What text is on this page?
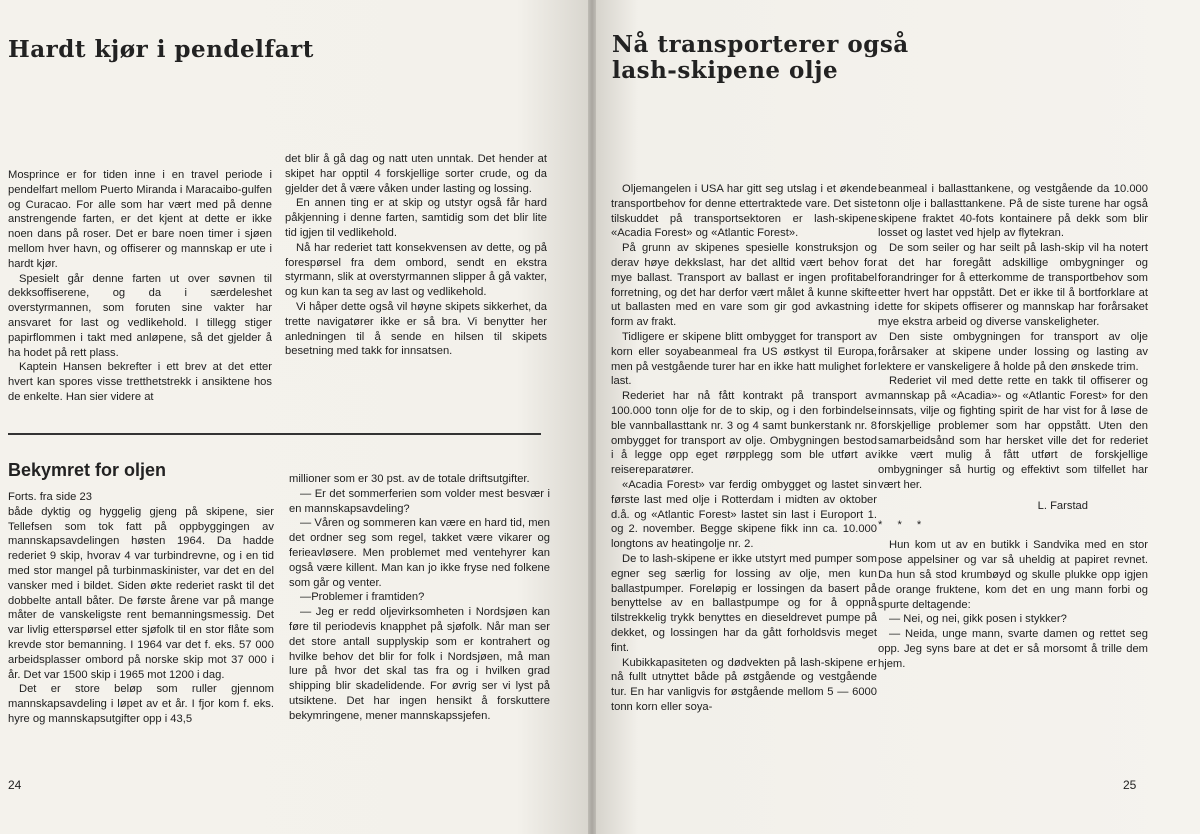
Hardt kjør i pendelfart

Mosprince er for tiden inne i en travel periode i pendelfart mellom Puerto Miranda i Maracaibo-gulfen og Curacao. For alle som har vært med på denne anstrengende farten, er det kjent at dette er ikke noen dans på roser. Det er bare noen timer i sjøen mellom hver havn, og offiserer og mannskap er ute i hardt kjør.

Spesielt går denne farten ut over søvnen til dekksoffiserene, og da i særdeleshet overstyrmannen, som foruten sine vakter har ansvaret for last og vedlikehold. I tillegg stiger papirflommen i takt med anløpene, så det gjelder å ha hodet på rett plass.

Kaptein Hansen bekrefter i ett brev at det etter hvert kan spores visse tretthetstrekk i ansiktene hos de enkelte. Han sier videre at

det blir å gå dag og natt uten unntak. Det hender at skipet har opptil 4 forskjellige sorter crude, og da gjelder det å være våken under lasting og lossing.

En annen ting er at skip og utstyr også får hard påkjenning i denne farten, samtidig som det blir lite tid igjen til vedlikehold.

Nå har rederiet tatt konsekvensen av dette, og på forespørsel fra dem ombord, sendt en ekstra styrmann, slik at overstyrmannen slipper å gå vakter, og kun kan ta seg av last og vedlikehold.

Vi håper dette også vil høyne skipets sikkerhet, da trette navigatører ikke er så bra. Vi benytter her anledningen til å sende en hilsen til skipets besetning med takk for innsatsen.

Bekymret for oljen

Forts. fra side 23

både dyktig og hyggelig gjeng på skipene, sier Tellefsen som tok fatt på oppbyggingen av mannskapsavdelingen høsten 1964. Da hadde rederiet 9 skip, hvorav 4 var turbindrevne, og i en tid med stor mangel på turbinmaskinister, var det en del vansker med i bildet. Siden økte rederiet raskt til det dobbelte antall båter. De første årene var på mange måter de vanskeligste rent bemanningsmessig. Det var livlig etterspørsel etter sjøfolk til en stor flåte som krevde stor bemanning. I 1964 var det f. eks. 57 000 arbeidsplasser ombord på norske skip mot 37 000 i år. Det var 1500 skip i 1965 mot 1200 i dag.

Det er store beløp som ruller gjennom mannskapsavdeling i løpet av et år. I fjor kom f. eks. hyre og mannskapsutgifter opp i 43,5

millioner som er 30 pst. av de totale driftsutgifter.

— Er det sommerferien som volder mest besvær i en mannskapsavdeling?

— Våren og sommeren kan være en hard tid, men det ordner seg som regel, takket være vikarer og ferieavløsere. Men problemet med ventehyrer kan også være killent. Man kan jo ikke fryse ned folkene som går og venter.

—Problemer i framtiden?

— Jeg er redd oljevirksomheten i Nordsjøen kan føre til periodevis knapphet på sjøfolk. Når man ser det store antall supplyskip som er kontrahert og hvilke behov det blir for folk i Nordsjøen, må man lure på hvor det skal tas fra og i hvilken grad shipping blir skadelidende. For øvrig ser vi lyst på utsiktene. Det har ingen hensikt å forskuttere bekymringene, mener mannskapssjefen.

24
Nå transporterer også lash-skipene olje

Oljemangelen i USA har gitt seg utslag i et økende transportbehov for denne ettertraktede vare. Det siste tilskuddet på transportsektoren er lash-skipene «Acadia Forest» og «Atlantic Forest».

På grunn av skipenes spesielle konstruksjon og derav høye dekkslast, har det alltid vært behov for mye ballast. Transport av ballast er ingen profitabel forretning, og det har derfor vært målet å kunne skifte ut ballasten med en vare som gir god avkastning i form av frakt.

Tidligere er skipene blitt ombygget for transport av korn eller soyabeanmeal fra US østkyst til Europa, men på vestgående turer har en ikke hatt mulighet for last.

Rederiet har nå fått kontrakt på transport av 100.000 tonn olje for de to skip, og i den forbindelse ble vannballasttank nr. 3 og 4 samt bunkerstank nr. 8 ombygget for transport av olje. Ombygningen bestod i å legge opp eget rørpplegg som ble utført av reisereparatører.

«Acadia Forest» var ferdig ombygget og lastet sin første last med olje i Rotterdam i midten av oktober d.å. og «Atlantic Forest» lastet sin last i Europort 1. og 2. november. Begge skipene fikk inn ca. 10.000 longtons av heatingolje nr. 2.

De to lash-skipene er ikke utstyrt med pumper som egner seg særlig for lossing av olje, men kun ballastpumper. Foreløpig er lossingen da basert på benyttelse av en ballastpumpe og for å oppnå tilstrekkelig trykk benyttes en dieseldrevet pumpe på dekket, og lossingen har da gått forholdsvis meget fint.

Kubikkapasiteten og dødvekten på lash-skipene er nå fullt utnyttet både på østgående og vestgående tur. En har vanligvis for østgående mellom 5 — 6000 tonn korn eller soya-

beanmeal i ballasttankene, og vestgående da 10.000 tonn olje i ballasttankene. På de siste turene har også skipene fraktet 40-fots kontainere på dekk som blir losset og lastet ved hjelp av flytekran.

De som seiler og har seilt på lash-skip vil ha notert at det har foregått adskillige ombygninger og forandringer for å etterkomme de transportbehov som etter hvert har oppstått. Det er ikke til å bortforklare at dette for skipets offiserer og mannskap har forårsaket mye ekstra arbeid og diverse vanskeligheter.

Den siste ombygningen for transport av olje forårsaker at skipene under lossing og lasting av lektere er vanskeligere å holde på den ønskede trim.

Rederiet vil med dette rette en takk til offiserer og mannskap på «Acadia»- og «Atlantic Forest» for den innsats, vilje og fighting spirit de har vist for å løse de forskjellige problemer som har oppstått. Uten den samarbeidsånd som har hersket ville det for rederiet ikke vært mulig å fått utført de forskjellige ombygninger så hurtig og effektivt som tilfellet har vært her.

L. Farstad

* * *

Hun kom ut av en butikk i Sandvika med en stor pose appelsiner og var så uheldig at papiret revnet. Da hun så stod krumbøyd og skulle plukke opp igjen de orange fruktene, kom det en ung mann forbi og spurte deltagende:

— Nei, og nei, gikk posen i stykker?

— Neida, unge mann, svarte damen og rettet seg opp. Jeg syns bare at det er så morsomt å trille dem hjem.

25
